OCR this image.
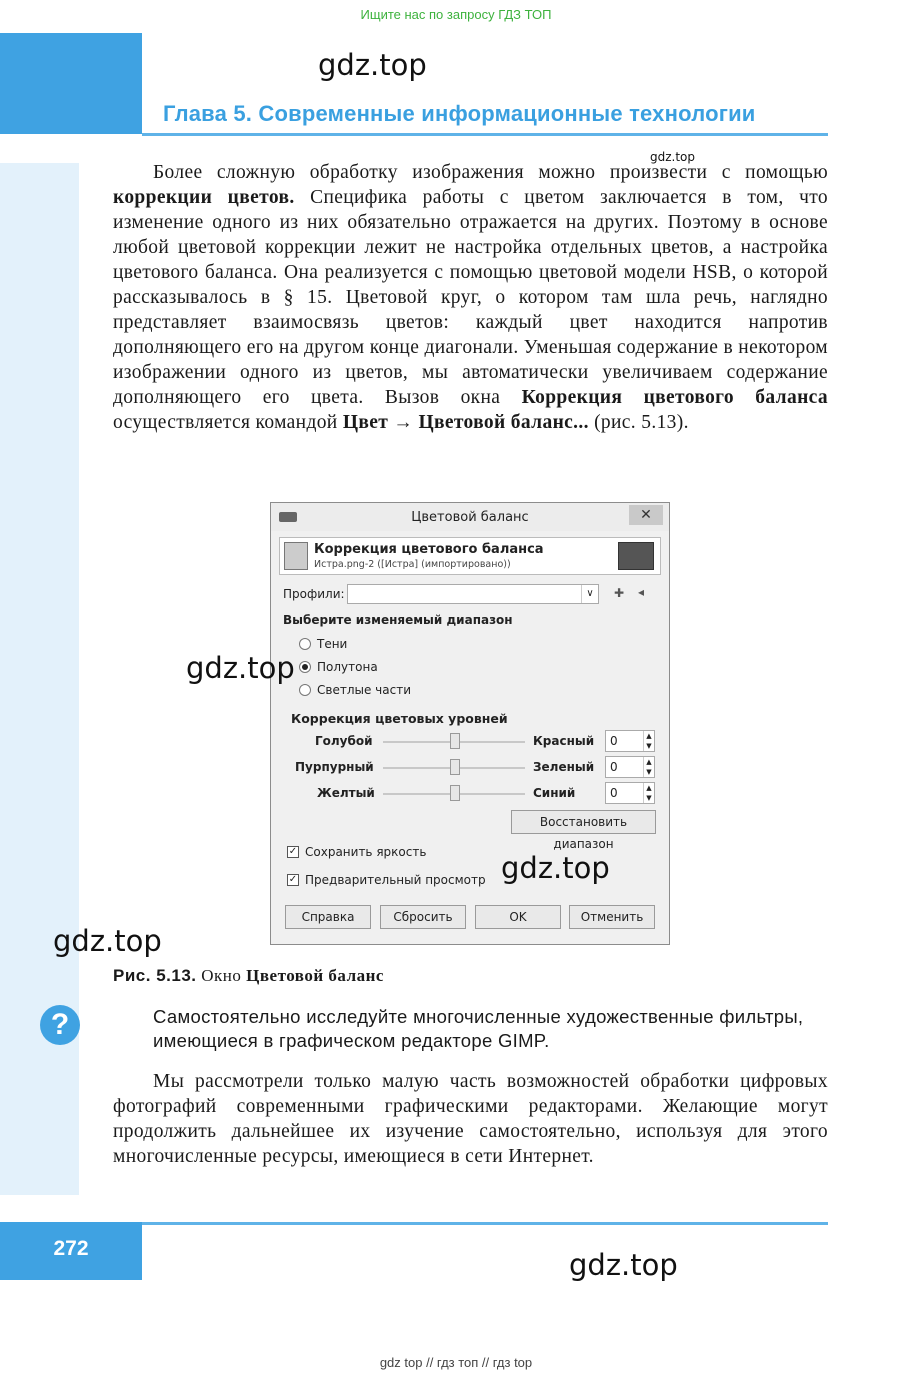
Ищите нас по запросу ГДЗ ТОП
gdz.top
gdz.top
Глава 5. Современные информационные технологии

Более сложную обработку изображения можно произвести с помощью коррекции цветов. Специфика работы с цветом заключается в том, что изменение одного из них обязательно отражается на других. Поэтому в основе любой цветовой коррекции лежит не настройка отдельных цветов, а настройка цветового баланса. Она реализуется с помощью цветовой модели HSB, о которой рассказывалось в § 15. Цветовой круг, о котором там шла речь, наглядно представляет взаимосвязь цветов: каждый цвет находится напротив дополняющего его на другом конце диагонали. Уменьшая содержание в некотором изображении одного из цветов, мы автоматически увеличиваем содержание дополняющего его цвета. Вызов окна Коррекция цветового баланса осуществляется командой Цвет → Цветовой баланс... (рис. 5.13).

Цветовой баланс	✕
Коррекция цветового баланса
Истра.png-2 ([Истра] (импортировано))
Профили:	∨	✚ ◂
Выберите изменяемый диапазон
Тени
Полутона
Светлые части
Коррекция цветовых уровней
Голубой	Красный 0	▲
▼
Пурпурный	Зеленый 0	▲
▼
Желтый	Синий	0	▲
▼
Восстановить диапазон
✓ Сохранить яркость
✓ Предварительный просмотр
Справка	Сбросить	OK	Отменить
gdz.top
gdz.top
gdz.top
Рис. 5.13. Окно Цветовой баланс
?	Самостоятельно исследуйте многочисленные художественные фильтры, имеющиеся в графическом редакторе GIMP.

Мы рассмотрели только малую часть возможностей обработки цифровых фотографий современными графическими редакторами. Желающие могут продолжить дальнейшее их изучение самостоятельно, используя для этого многочисленные ресурсы, имеющиеся в сети Интернет.

272	gdz.top
gdz top // гдз топ // гдз top
